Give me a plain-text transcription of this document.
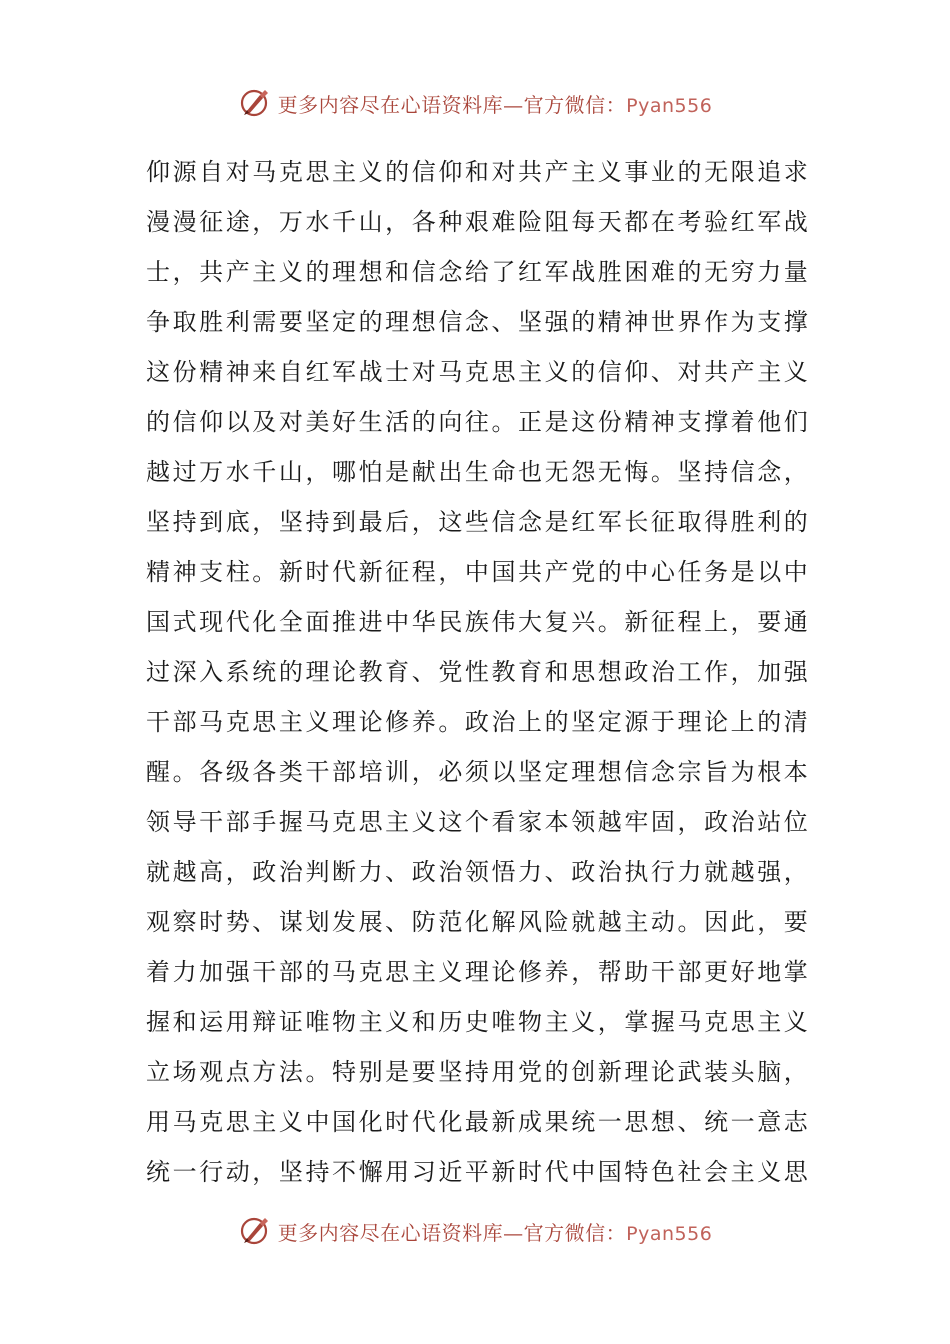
更多内容尽在心语资料库—官方微信：Pyan556
仰源自对马克思主义的信仰和对共产主义事业的无限追求
漫漫征途，万水千山，各种艰难险阻每天都在考验红军战
士，共产主义的理想和信念给了红军战胜困难的无穷力量
争取胜利需要坚定的理想信念、坚强的精神世界作为支撑
这份精神来自红军战士对马克思主义的信仰、对共产主义
的信仰以及对美好生活的向往。正是这份精神支撑着他们
越过万水千山，哪怕是献出生命也无怨无悔。坚持信念，
坚持到底，坚持到最后，这些信念是红军长征取得胜利的
精神支柱。新时代新征程，中国共产党的中心任务是以中
国式现代化全面推进中华民族伟大复兴。新征程上，要通
过深入系统的理论教育、党性教育和思想政治工作，加强
干部马克思主义理论修养。政治上的坚定源于理论上的清
醒。各级各类干部培训，必须以坚定理想信念宗旨为根本
领导干部手握马克思主义这个看家本领越牢固，政治站位
就越高，政治判断力、政治领悟力、政治执行力就越强，
观察时势、谋划发展、防范化解风险就越主动。因此，要
着力加强干部的马克思主义理论修养，帮助干部更好地掌
握和运用辩证唯物主义和历史唯物主义，掌握马克思主义
立场观点方法。特别是要坚持用党的创新理论武装头脑，
用马克思主义中国化时代化最新成果统一思想、统一意志
统一行动，坚持不懈用习近平新时代中国特色社会主义思
更多内容尽在心语资料库—官方微信：Pyan556
